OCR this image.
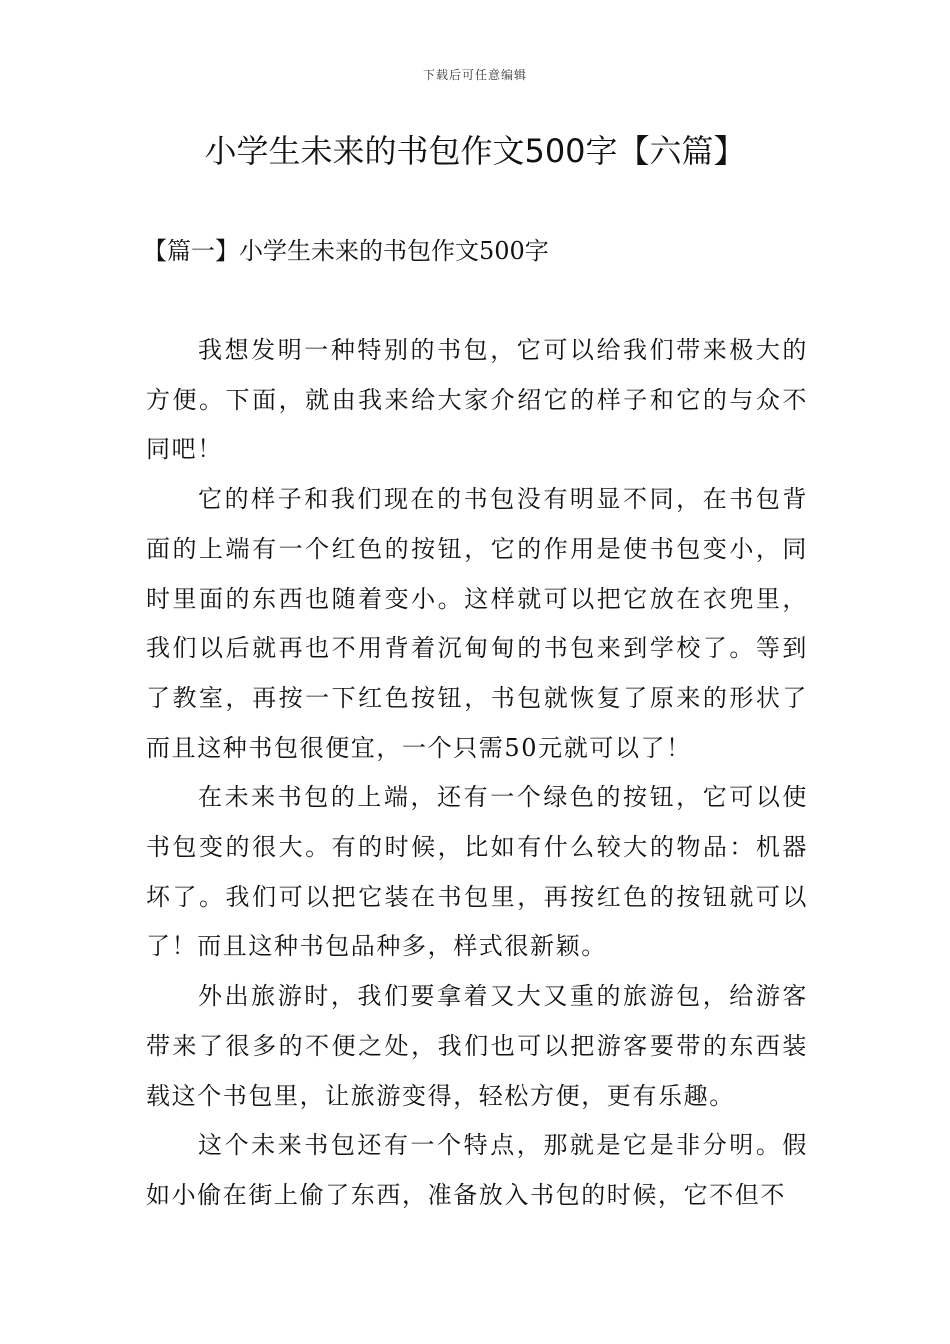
下载后可任意编辑
小学生未来的书包作文500字【六篇】
【篇一】小学生未来的书包作文500字

我想发明一种特别的书包，它可以给我们带来极大的方便。下面，就由我来给大家介绍它的样子和它的与众不同吧！

它的样子和我们现在的书包没有明显不同，在书包背面的上端有一个红色的按钮，它的作用是使书包变小，同时里面的东西也随着变小。这样就可以把它放在衣兜里，我们以后就再也不用背着沉甸甸的书包来到学校了。等到了教室，再按一下红色按钮，书包就恢复了原来的形状了而且这种书包很便宜，一个只需50元就可以了！

在未来书包的上端，还有一个绿色的按钮，它可以使书包变的很大。有的时候，比如有什么较大的物品：机器坏了。我们可以把它装在书包里，再按红色的按钮就可以了！而且这种书包品种多，样式很新颖。

外出旅游时，我们要拿着又大又重的旅游包，给游客带来了很多的不便之处，我们也可以把游客要带的东西装载这个书包里，让旅游变得，轻松方便，更有乐趣。

这个未来书包还有一个特点，那就是它是非分明。假如小偷在街上偷了东西，准备放入书包的时候，它不但不
